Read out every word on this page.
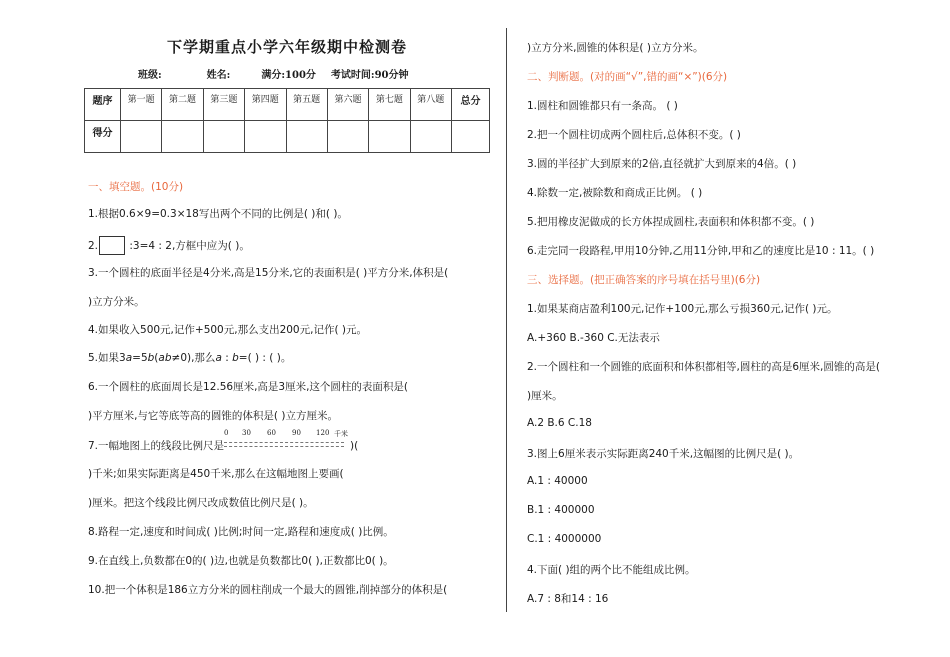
下学期重点小学六年级期中检测卷
班级:	姓名:	满分:100分 考试时间:90分钟
题序	第一题	第二题	第三题	第四题	第五题	第六题	第七题	第八题	总分
得分									
一、填空题。(10分)
1.根据0.6×9=0.3×18写出两个不同的比例是( )和( )。
2.	:3=4 : 2,方框中应为( )。
3.一个圆柱的底面半径是4分米,高是15分米,它的表面积是( )平方分米,体积是(
)立方分米。
4.如果收入500元,记作+500元,那么支出200元,记作( )元。
5.如果3a=5b(ab≠0),那么a : b=( ) : ( )。
6.一个圆柱的底面周长是12.56厘米,高是3厘米,这个圆柱的表面积是(
)平方厘米,与它等底等高的圆锥的体积是( )立方厘米。
7.一幅地图上的线段比例尺是
0 30 60 90 120 千米
)(
)千米;如果实际距离是450千米,那么在这幅地图上要画(
)厘米。把这个线段比例尺改成数值比例尺是( )。
8.路程一定,速度和时间成( )比例;时间一定,路程和速度成( )比例。
9.在直线上,负数都在0的( )边,也就是负数都比0( ),正数都比0( )。
10.把一个体积是186立方分米的圆柱削成一个最大的圆锥,削掉部分的体积是(
)立方分米,圆锥的体积是( )立方分米。
二、判断题。(对的画“√”,错的画“×”)(6分)
1.圆柱和圆锥都只有一条高。 ( )
2.把一个圆柱切成两个圆柱后,总体积不变。( )
3.圆的半径扩大到原来的2倍,直径就扩大到原来的4倍。( )
4.除数一定,被除数和商成正比例。 ( )
5.把用橡皮泥做成的长方体捏成圆柱,表面积和体积都不变。( )
6.走完同一段路程,甲用10分钟,乙用11分钟,甲和乙的速度比是10 : 11。( )
三、选择题。(把正确答案的序号填在括号里)(6分)
1.如果某商店盈利100元,记作+100元,那么亏损360元,记作( )元。
A.+360 B.-360 C.无法表示
2.一个圆柱和一个圆锥的底面积和体积都相等,圆柱的高是6厘米,圆锥的高是(
)厘米。
A.2 B.6 C.18
3.图上6厘米表示实际距离240千米,这幅图的比例尺是( )。
A.1 : 40000
B.1 : 400000
C.1 : 4000000
4.下面( )组的两个比不能组成比例。
A.7 : 8和14 : 16
